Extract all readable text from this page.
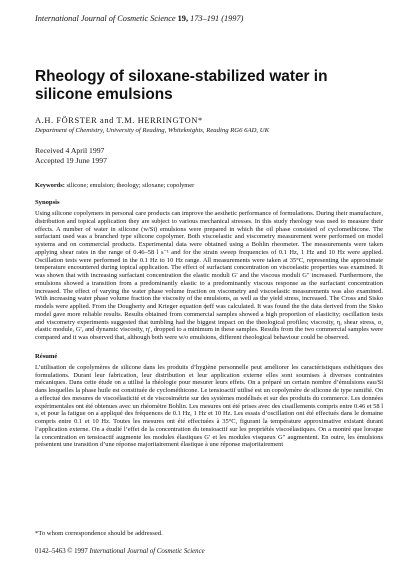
International Journal of Cosmetic Science 19, 173–191 (1997)

Rheology of siloxane-stabilized water in silicone emulsions

A.H. FÖRSTER and T.M. HERRINGTON*

Department of Chemistry, University of Reading, Whiteknights, Reading RG6 6AD, UK

Received 4 April 1997
Accepted 19 June 1997
Keywords: silicone; emulsion; theology; siloxane; copolymer
Synopsis

Using silicone copolymers in personal care products can improve the aesthetic performance of formulations. During their manufacture, distribution and topical application they are subject to various mechanical stresses. In this study rheology was used to measure their effects. A number of water in silicone (w/Si) emulsions were prepared in which the oil phase consisted of cyclomethicone. The surfactant used was a branched type silicone copolymer. Both viscoelastic and viscometry measurement were performed on model systems and on commercial products. Experimental data were obtained using a Bohlin rheometer. The measurements were taken applying shear rates in the range of 0.46–58 l s⁻¹ and for the strain sweep frequencies of 0.1 Hz, 1 Hz and 10 Hz were applied. Oscillation tests were performed in the 0.1 Hz to 10 Hz range. All measurements were taken at 35°C, representing the approximate temperature encountered during topical application. The effect of surfactant concentration on viscoelastic properties was examined. It was shown that with increasing surfactant concentration the elastic moduli G′ and the viscous moduli G″ increased. Furthermore, the emulsions showed a transition from a predominantly elastic to a predominantly viscous response as the surfactant concentration increased. The effect of varying the water phase volume fraction on viscometry and viscoelastic measurements was also examined. With increasing water phase volume fraction the viscosity of the emulsions, as well as the yield stress, increased. The Cross and Sisko models were applied. From the Dougherty and Krieger equation ϕeff was calculated. It was found the the data derived from the Sisko model gave more reliable results. Results obtained from commercial samples showed a high proportion of elasticity; oscillation tests and viscometry experiments suggested that tumbling had the biggest impact on the theological profiles; viscosity, η, shear stress, σ, elastic module, G′, and dynamic viscosity, η′, dropped to a minimum in these samples. Results from the two commercial samples were compared and it was observed that, although both were w/o emulsions, different rheological behaviour could be observed.

Résumé

L’utilisation de copolymères de silicone dans les produits d’hygiène personnelle peut améliorer les caractéristiques esthétiques des formulations. Durant leur fabrication, leur distribution et leur application externe elles sont soumises à diverses contraintes mécaniques. Dans cette étude on a utilisé la rhéologie pour mesurer leurs effets. On a préparé un certain nombre d’émulsions eau/Si dans lesquelles la phase huile est constituée de cyclométhicone. Le tensioactif utilisé est un copolymère de silicone de type ramifié. On a effectué des mesures de viscoélasticité et de viscosimétrie sur des systèmes modélisés et sur des produits du commerce. Les données expérimentales ont été obtenues avec un rhéomètre Bohlin. Les mesures ont été prises avec des cisaillements compris entre 0.46 et 58 l s, et pour la fatigue on a appliqué des fréquences de 0.1 Hz, 1 Hz et 10 Hz. Les essais d’oscillation ont été effectués dans le domaine compris entre 0.1 et 10 Hz. Toutes les mesures ont été effectuées à 35°C, figurant la température approximative existant durant l’application externe. On a étudié l’effet de la concentration du tensioactif sur les propriétés viscoélastiques. On a montré que lorsque la concentration en tensioactif augmente les modules élastiques G′ et les modules visqueux G″ augmentent. En outre, les émulsions présentent une transition d’une réponse majoritairement élastique à une réponse majoritairement

*To whom correspondence should be addressed.
0142–5463 © 1997 International Journal of Cosmetic Science
